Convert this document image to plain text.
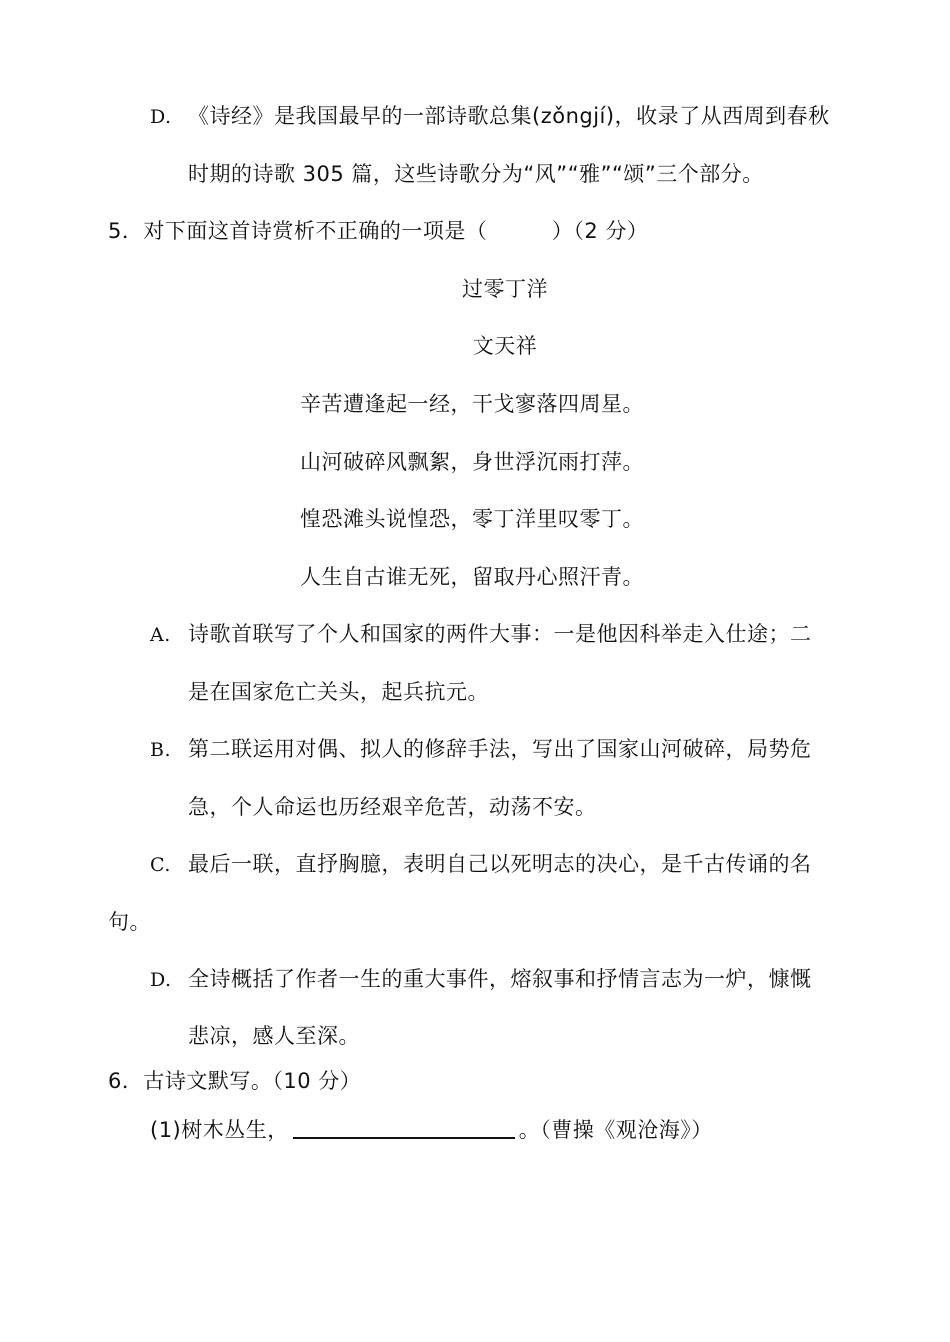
D. 《诗经》是我国最早的一部诗歌总集(zǒngjí)，收录了从西周到春秋
时期的诗歌 305 篇，这些诗歌分为“风”“雅”“颂”三个部分。
5．对下面这首诗赏析不正确的一项是（　　　）（2 分）
过零丁洋
文天祥
辛苦遭逢起一经，干戈寥落四周星。
山河破碎风飘絮，身世浮沉雨打萍。
惶恐滩头说惶恐，零丁洋里叹零丁。
人生自古谁无死，留取丹心照汗青。
A. 诗歌首联写了个人和国家的两件大事：一是他因科举走入仕途；二
是在国家危亡关头，起兵抗元。
B. 第二联运用对偶、拟人的修辞手法，写出了国家山河破碎，局势危
急，个人命运也历经艰辛危苦，动荡不安。
C. 最后一联，直抒胸臆，表明自己以死明志的决心，是千古传诵的名
句。
D. 全诗概括了作者一生的重大事件，熔叙事和抒情言志为一炉，慷慨
悲凉，感人至深。
6．古诗文默写。（10 分）
(1)树木丛生，	。（曹操《观沧海》）
